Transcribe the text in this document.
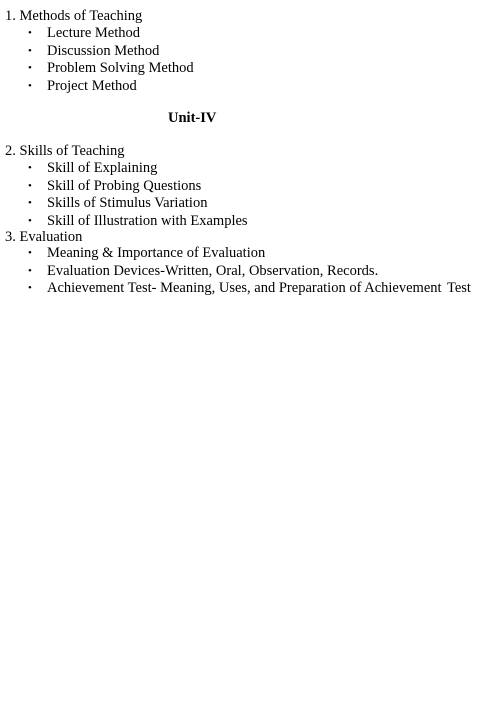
1. Methods of Teaching
• Lecture Method
• Discussion Method
• Problem Solving Method
• Project Method
Unit-IV
2. Skills of Teaching
• Skill of Explaining
• Skill of Probing Questions
• Skills of Stimulus Variation
• Skill of Illustration with Examples
3. Evaluation
• Meaning & Importance of Evaluation
• Evaluation Devices-Written, Oral, Observation, Records.
• Achievement Test- Meaning, Uses, and Preparation of Achievement Test
